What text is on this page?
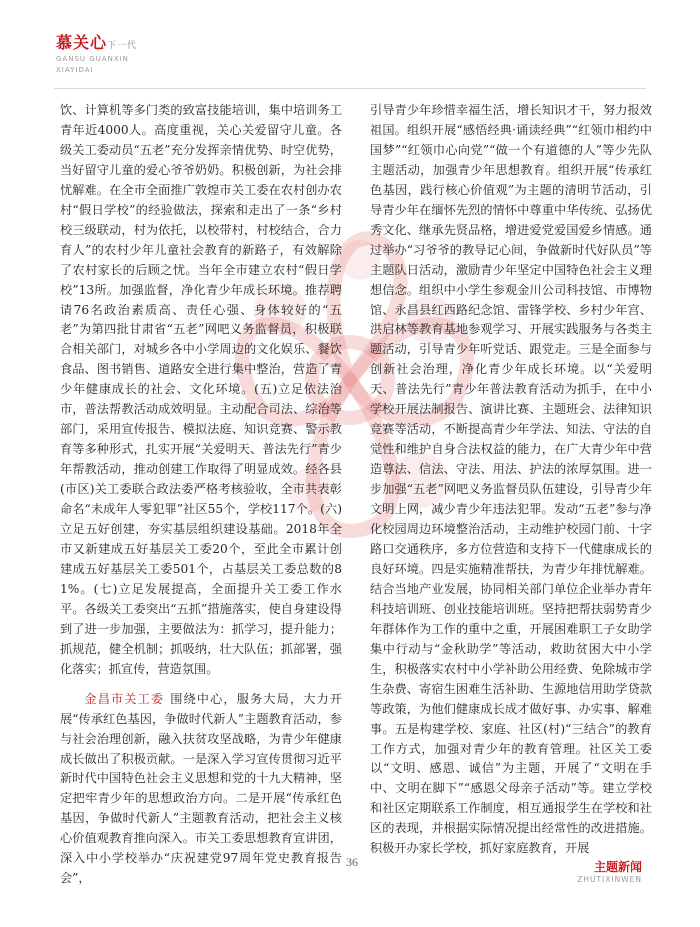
慕关心下一代
GANSU GUANXIN
XIAYIDAI

饮、计算机等多门类的致富技能培训，集中培训务工青年近4000人。高度重视，关心关爱留守儿童。各级关工委动员“五老”充分发挥亲情优势、时空优势，当好留守儿童的爱心爷爷奶奶。积极创新，为社会排忧解难。在全市全面推广敦煌市关工委在农村创办农村“假日学校”的经验做法，探索和走出了一条“乡村校三级联动，村为依托，以校带村，村校结合，合力育人”的农村少年儿童社会教育的新路子，有效解除了农村家长的后顾之忧。当年全市建立农村“假日学校”13所。加强监督，净化青少年成长环境。推荐聘请76名政治素质高、责任心强、身体较好的“五老”为第四批甘肃省“五老”网吧义务监督员，积极联合相关部门，对城乡各中小学周边的文化娱乐、餐饮食品、图书销售、道路安全进行集中整治，营造了青少年健康成长的社会、文化环境。(五)立足依法治市，普法帮教活动成效明显。主动配合司法、综治等部门，采用宣传报告、模拟法庭、知识竞赛、警示教育等多种形式，扎实开展“关爱明天、普法先行”青少年帮教活动，推动创建工作取得了明显成效。经各县(市区)关工委联合政法委严格考核验收，全市共表彰命名“未成年人零犯罪”社区55个，学校117个。(六)立足五好创建，夯实基层组织建设基础。2018年全市又新建成五好基层关工委20个，至此全市累计创建成五好基层关工委501个，占基层关工委总数的81%。(七)立足发展提高，全面提升关工委工作水平。各级关工委突出“五抓”措施落实，使自身建设得到了进一步加强，主要做法为：抓学习，提升能力；抓规范，健全机制；抓吸纳，壮大队伍；抓部署，强化落实；抓宣传，营造氛围。

金昌市关工委 围绕中心，服务大局，大力开展“传承红色基因，争做时代新人”主题教育活动，参与社会治理创新，融入扶贫攻坚战略，为青少年健康成长做出了积极贡献。一是深入学习宣传贯彻习近平新时代中国特色社会主义思想和党的十九大精神，坚定把牢青少年的思想政治方向。二是开展“传承红色基因，争做时代新人”主题教育活动，把社会主义核心价值观教育推向深入。市关工委思想教育宣讲团，深入中小学校举办“庆祝建党97周年党史教育报告会”，

引导青少年珍惜幸福生活，增长知识才干，努力报效祖国。组织开展“感悟经典·诵读经典”“红领巾相约中国梦”“红领巾心向党”“做一个有道德的人”等少先队主题活动，加强青少年思想教育。组织开展“传承红色基因，践行核心价值观”为主题的清明节活动，引导青少年在缅怀先烈的情怀中尊重中华传统、弘扬优秀文化、继承先贤品格，增进爱党爱国爱乡情感。通过举办“习爷爷的教导记心间，争做新时代好队员”等主题队日活动，激励青少年坚定中国特色社会主义理想信念。组织中小学生参观金川公司科技馆、市博物馆、永昌县红西路纪念馆、雷锋学校、乡村少年宫、洪启林等教育基地参观学习、开展实践服务与各类主题活动，引导青少年听党话、跟党走。三是全面参与创新社会治理，净化青少年成长环境。以“关爱明天、普法先行”青少年普法教育活动为抓手，在中小学校开展法制报告、演讲比赛、主题班会、法律知识竞赛等活动，不断提高青少年学法、知法、守法的自觉性和维护自身合法权益的能力，在广大青少年中营造尊法、信法、守法、用法、护法的浓厚氛围。进一步加强“五老”网吧义务监督员队伍建设，引导青少年文明上网，减少青少年违法犯罪。发动“五老”参与净化校园周边环境整治活动，主动维护校园门前、十字路口交通秩序，多方位营造和支持下一代健康成长的良好环境。四是实施精准帮扶，为青少年排忧解难。结合当地产业发展，协同相关部门单位企业举办青年科技培训班、创业技能培训班。坚持把帮扶弱势青少年群体作为工作的重中之重，开展困难职工子女助学集中行动与“金秋助学”等活动，救助贫困大中小学生，积极落实农村中小学补助公用经费、免除城市学生杂费、寄宿生困难生活补助、生源地信用助学贷款等政策，为他们健康成长成才做好事、办实事、解难事。五是构建学校、家庭、社区(村)“三结合”的教育工作方式，加强对青少年的教育管理。社区关工委以“文明、感恩、诚信”为主题，开展了“文明在手中、文明在脚下”“感恩父母亲子活动”等。建立学校和社区定期联系工作制度，相互通报学生在学校和社区的表现，并根据实际情况提出经常性的改进措施。积极开办家长学校，抓好家庭教育，开展

36	主题新闻
ZHUTIXINWEN
